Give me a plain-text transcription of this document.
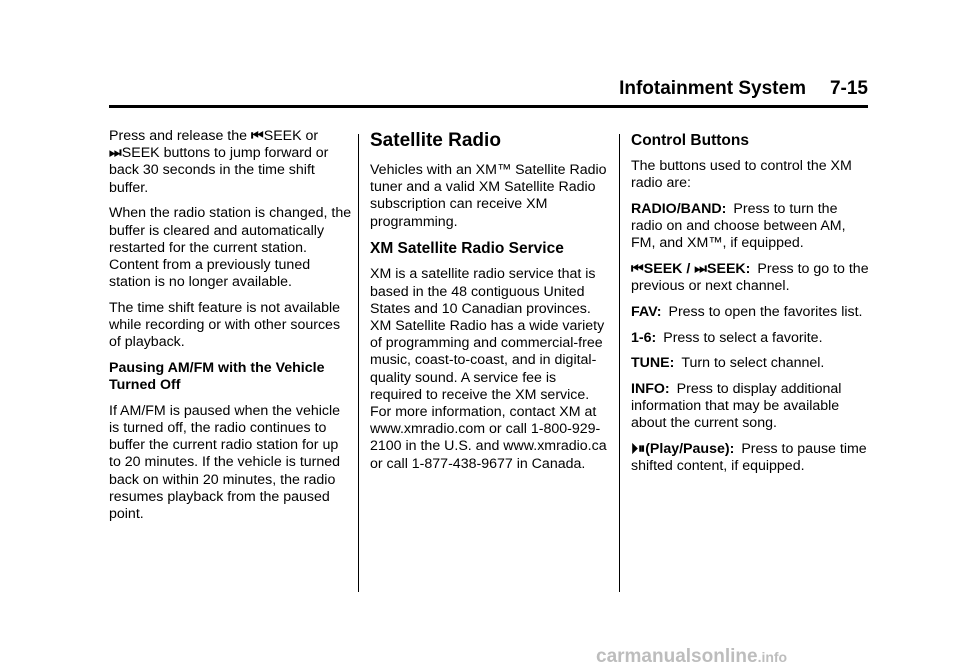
Infotainment System 7-15

Press and release the ⏮SEEK or
⏭SEEK buttons to jump forward or back 30 seconds in the time shift buffer.

When the radio station is changed, the buffer is cleared and automatically restarted for the current station. Content from a previously tuned station is no longer available.

The time shift feature is not available while recording or with other sources of playback.

Pausing AM/FM with the Vehicle Turned Off

If AM/FM is paused when the vehicle is turned off, the radio continues to buffer the current radio station for up to 20 minutes. If the vehicle is turned back on within 20 minutes, the radio resumes playback from the paused point.

Satellite Radio

Vehicles with an XM™ Satellite Radio tuner and a valid XM Satellite Radio subscription can receive XM programming.

XM Satellite Radio Service

XM is a satellite radio service that is based in the 48 contiguous United States and 10 Canadian provinces. XM Satellite Radio has a wide variety of programming and commercial-free music, coast-to-coast, and in digital-quality sound. A service fee is required to receive the XM service. For more information, contact XM at www.xmradio.com or call 1-800-929-2100 in the U.S. and www.xmradio.ca or call 1-877-438-9677 in Canada.

Control Buttons

The buttons used to control the XM radio are:

RADIO/BAND: Press to turn the radio on and choose between AM, FM, and XM™, if equipped.

⏮SEEK / ⏭SEEK: Press to go to the previous or next channel.

FAV: Press to open the favorites list.

1-6: Press to select a favorite.

TUNE: Turn to select channel.

INFO: Press to display additional information that may be available about the current song.

⏵⏸(Play/Pause): Press to pause time shifted content, if equipped.

carmanualsonline.info
